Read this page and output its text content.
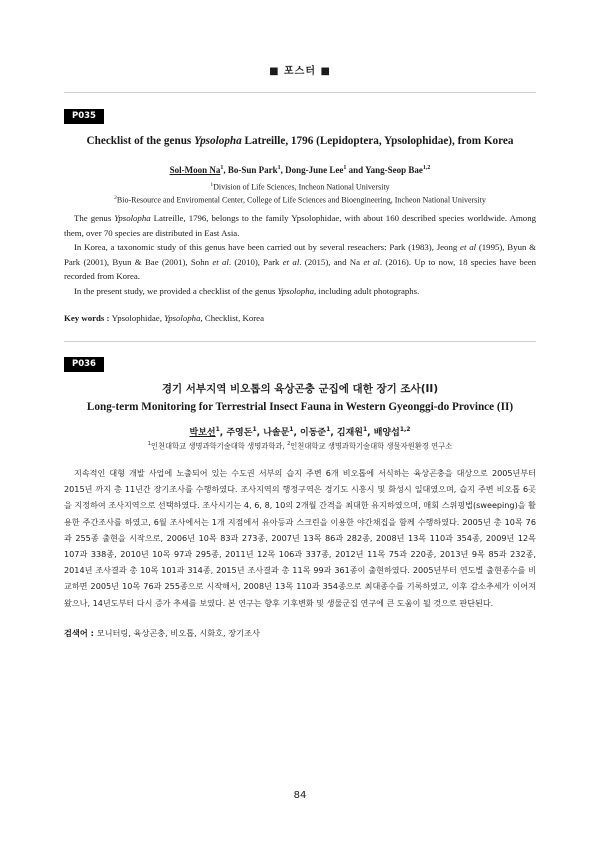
■ 포스터 ■
P035
Checklist of the genus Ypsolopha Latreille, 1796 (Lepidoptera, Ypsolophidae), from Korea
Sol-Moon Na$^1$, Bo-Sun Park$^1$, Dong-June Lee$^1$ and Yang-Seop Bae$^{1,2}$
$^1$Division of Life Sciences, Incheon National University
$^2$Bio-Resource and Enviromental Center, College of Life Sciences and Bioengineering, Incheon National University

The genus Ypsolopha Latreille, 1796, belongs to the family Ypsolophidae, with about 160 described species worldwide. Among them, over 70 species are distributed in East Asia.

In Korea, a taxonomic study of this genus have been carried out by several reseachers: Park (1983), Jeong et al (1995), Byun & Park (2001), Byun & Bae (2001), Sohn et al. (2010), Park et al. (2015), and Na et al. (2016). Up to now, 18 species have been recorded from Korea.

In the present study, we provided a checklist of the genus Ypsolopha, including adult photographs.

Key words : Ypsolophidae, Ypsolopha, Checklist, Korea
P036
경기 서부지역 비오톱의 육상곤충 군집에 대한 장기 조사(II)
Long-term Monitoring for Terrestrial Insect Fauna in Western Gyeonggi-do Province (II)
박보선$^1$, 주영돈$^1$, 나솔문$^1$, 이동준$^1$, 김재원$^1$, 배양섭$^{1,2}$
$^1$인천대학교 생명과학기술대학 생명과학과, $^2$인천대학교 생명과학기술대학 생물자원환경 연구소

지속적인 대형 개발 사업에 노출되어 있는 수도권 서부의 습지 주변 6개 비오톱에 서식하는 육상곤충을 대상으로 2005년부터 2015년 까지 총 11년간 장기조사를 수행하였다. 조사지역의 행정구역은 경기도 시흥시 및 화성시 일대였으며, 습지 주변 비오톱 6곳을 지정하여 조사지역으로 선택하였다. 조사시기는 4, 6, 8, 10의 2개월 간격을 최대한 유지하였으며, 매회 스위핑법(sweeping)을 활용한 주간조사를 하였고, 6월 조사에서는 1개 지점에서 유아등과 스크린을 이용한 야간채집을 함께 수행하였다. 2005년 총 10목 76과 255종 출현을 시작으로, 2006년 10목 83과 273종, 2007년 13목 86과 282종, 2008년 13목 110과 354종, 2009년 12목 107과 338종, 2010년 10목 97과 295종, 2011년 12목 106과 337종, 2012년 11목 75과 220종, 2013년 9목 85과 232종, 2014년 조사결과 총 10목 101과 314종, 2015년 조사결과 총 11목 99과 361종이 출현하였다. 2005년부터 연도별 출현종수를 비교하면 2005년 10목 76과 255종으로 시작해서, 2008년 13목 110과 354종으로 최대종수를 기록하였고, 이후 감소추세가 이어져 왔으나, 14년도부터 다시 증가 추세를 보였다. 본 연구는 향후 기후변화 및 생물군집 연구에 큰 도움이 될 것으로 판단된다.

검색어 : 모니터링, 육상곤충, 비오톱, 시화호, 장기조사
84
